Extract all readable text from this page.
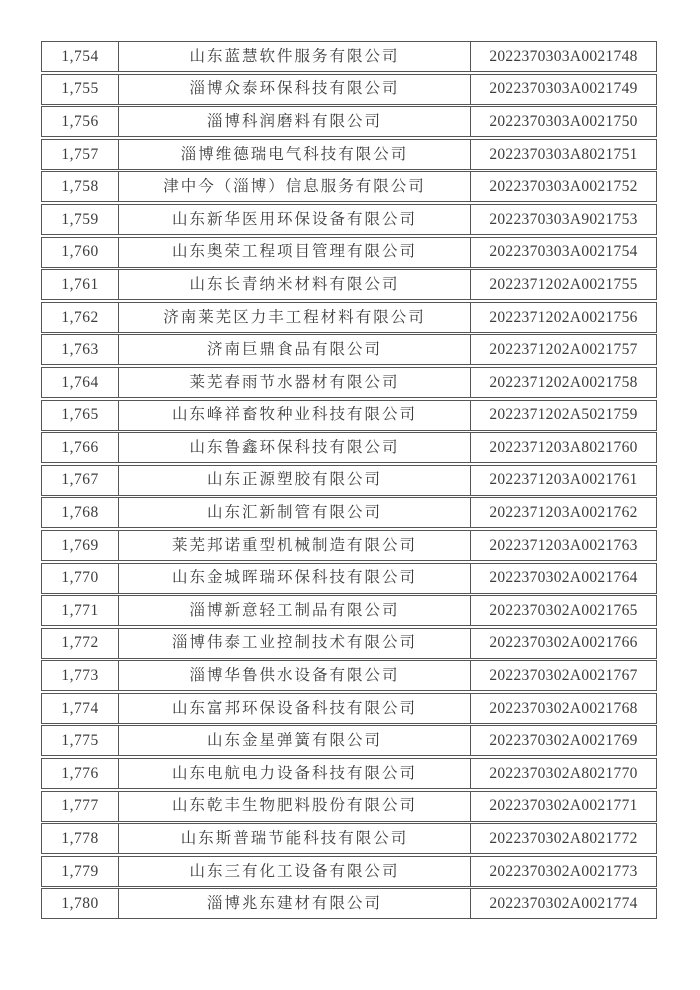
1,754	山东蓝慧软件服务有限公司	2022370303A0021748
1,755	淄博众泰环保科技有限公司	2022370303A0021749
1,756	淄博科润磨料有限公司	2022370303A0021750
1,757	淄博维德瑞电气科技有限公司	2022370303A8021751
1,758	津中今（淄博）信息服务有限公司	2022370303A0021752
1,759	山东新华医用环保设备有限公司	2022370303A9021753
1,760	山东奥荣工程项目管理有限公司	2022370303A0021754
1,761	山东长青纳米材料有限公司	2022371202A0021755
1,762	济南莱芜区力丰工程材料有限公司	2022371202A0021756
1,763	济南巨鼎食品有限公司	2022371202A0021757
1,764	莱芜春雨节水器材有限公司	2022371202A0021758
1,765	山东峰祥畜牧种业科技有限公司	2022371202A5021759
1,766	山东鲁鑫环保科技有限公司	2022371203A8021760
1,767	山东正源塑胶有限公司	2022371203A0021761
1,768	山东汇新制管有限公司	2022371203A0021762
1,769	莱芜邦诺重型机械制造有限公司	2022371203A0021763
1,770	山东金城晖瑞环保科技有限公司	2022370302A0021764
1,771	淄博新意轻工制品有限公司	2022370302A0021765
1,772	淄博伟泰工业控制技术有限公司	2022370302A0021766
1,773	淄博华鲁供水设备有限公司	2022370302A0021767
1,774	山东富邦环保设备科技有限公司	2022370302A0021768
1,775	山东金星弹簧有限公司	2022370302A0021769
1,776	山东电航电力设备科技有限公司	2022370302A8021770
1,777	山东乾丰生物肥料股份有限公司	2022370302A0021771
1,778	山东斯普瑞节能科技有限公司	2022370302A8021772
1,779	山东三有化工设备有限公司	2022370302A0021773
1,780	淄博兆东建材有限公司	2022370302A0021774
